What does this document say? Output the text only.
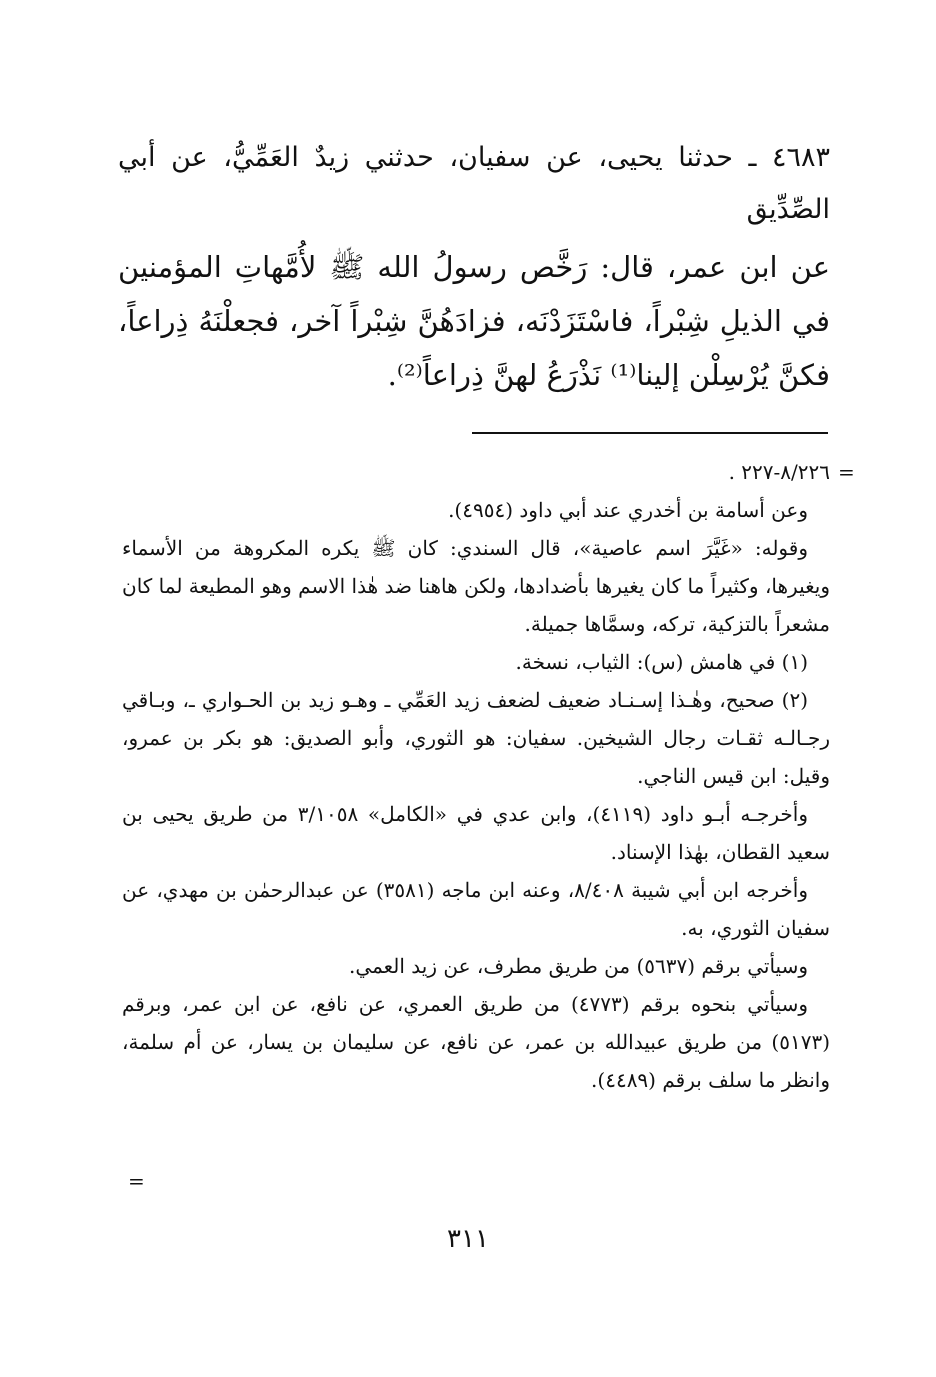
٤٦٨٣ ـ حدثنا يحيى، عن سفيان، حدثني زيدٌ العَمِّيُّ، عن أبي الصِّدِّيق
عن ابن عمر، قال: رَخَّص رسولُ الله ﷺ لأُمَّهاتِ المؤمنين في الذيلِ شِبْراً، فاسْتَزَدْنَه، فزادَهُنَّ شِبْراً آخر، فجعلْنَهُ ذِراعاً، فكنَّ يُرْسِلْن إلينا⁽¹⁾ نَذْرَعُ لهنَّ ذِراعاً⁽²⁾.

٨/٢٢٦-٢٢٧ .

وعن أسامة بن أخدري عند أبي داود (٤٩٥٤).

وقوله: «غَيَّرَ اسم عاصية»، قال السندي: كان ﷺ يكره المكروهة من الأسماء ويغيرها، وكثيراً ما كان يغيرها بأضدادها، ولكن هاهنا ضد هٰذا الاسم وهو المطيعة لما كان مشعراً بالتزكية، تركه، وسمَّاها جميلة.

(١) في هامش (س): الثياب، نسخة.

(٢) صحيح، وهٰـذا إسـنـاد ضعيف لضعف زيد العَمِّي ـ وهـو زيد بن الحـواري ـ، وبـاقي رجـالـه ثقـات رجال الشيخين. سفيان: هو الثوري، وأبو الصديق: هو بكر بن عمرو، وقيل: ابن قيس الناجي.

وأخرجـه أبـو داود (٤١١٩)، وابن عدي في «الكامل» ٣/١٠٥٨ من طريق يحيى بن سعيد القطان، بهٰذا الإسناد.

وأخرجه ابن أبي شيبة ٨/٤٠٨، وعنه ابن ماجه (٣٥٨١) عن عبدالرحمٰن بن مهدي، عن سفيان الثوري، به.

وسيأتي برقم (٥٦٣٧) من طريق مطرف، عن زيد العمي.

وسيأتي بنحوه برقم (٤٧٧٣) من طريق العمري، عن نافع، عن ابن عمر، وبرقم (٥١٧٣) من طريق عبيدالله بن عمر، عن نافع، عن سليمان بن يسار، عن أم سلمة، وانظر ما سلف برقم (٤٤٨٩).

=
=
٣١١
